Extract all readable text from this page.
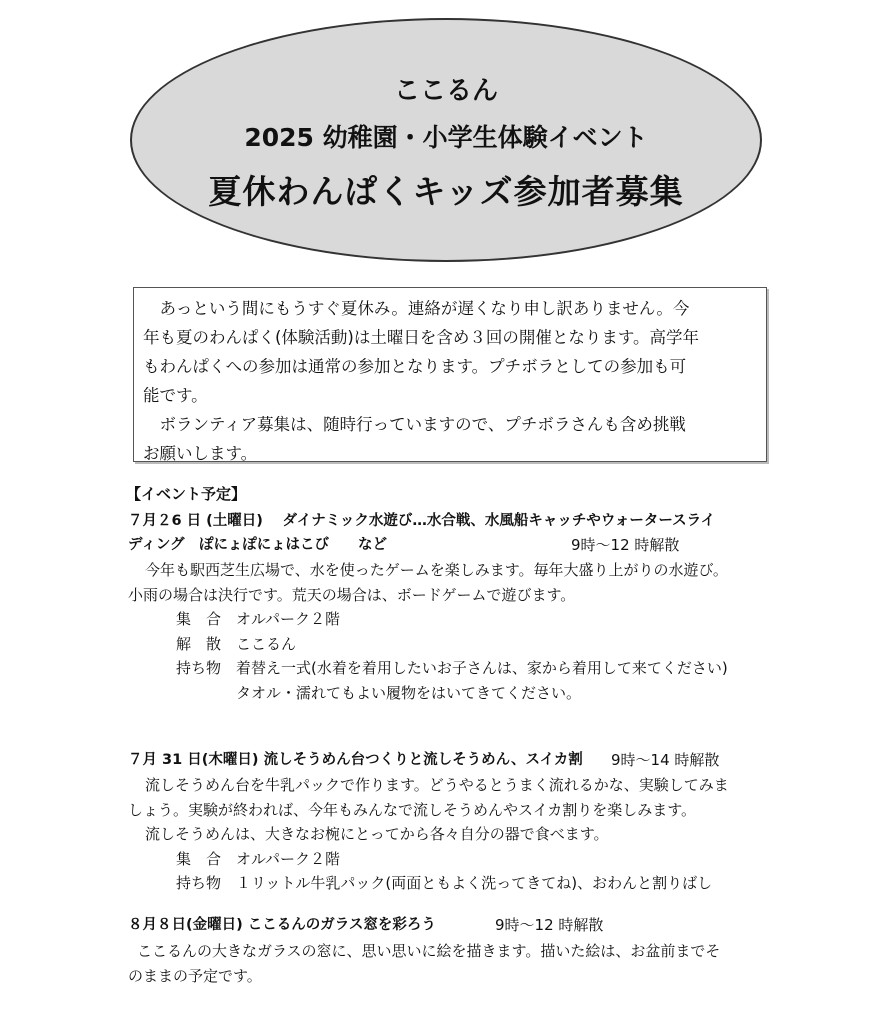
ここるん
2025 幼稚園・小学生体験イベント
夏休わんぱくキッズ参加者募集

あっという間にもうすぐ夏休み。連絡が遅くなり申し訳ありません。今

年も夏のわんぱく(体験活動)は土曜日を含め３回の開催となります。高学年

もわんぱくへの参加は通常の参加となります。プチボラとしての参加も可

能です。

ボランティア募集は、随時行っていますので、プチボラさんも含め挑戦

お願いします。

【イベント予定】
７月２6 日 (土曜日)　 ダイナミック水遊び…水合戦、水風船キャッチやウォータースライ
ディング　ぽにょぽにょはこび　　など	9時～12 時解散
今年も駅西芝生広場で、水を使ったゲームを楽しみます。毎年大盛り上がりの水遊び。
小雨の場合は決行です。荒天の場合は、ボードゲームで遊びます。
集　合 オルパーク２階
解　散 ここるん
持ち物 着替え一式(水着を着用したいお子さんは、家から着用して来てください)
タオル・濡れてもよい履物をはいてきてください。
７月 31 日(木曜日) 流しそうめん台つくりと流しそうめん、スイカ割 9時～14 時解散
流しそうめん台を牛乳パックで作ります。どうやるとうまく流れるかな、実験してみま
しょう。実験が終われば、今年もみんなで流しそうめんやスイカ割りを楽しみます。
流しそうめんは、大きなお椀にとってから各々自分の器で食べます。
集　合 オルパーク２階
持ち物 １リットル牛乳パック(両面ともよく洗ってきてね)、おわんと割りばし
８月８日(金曜日) ここるんのガラス窓を彩ろう	9時～12 時解散
ここるんの大きなガラスの窓に、思い思いに絵を描きます。描いた絵は、お盆前までそ
のままの予定です。
